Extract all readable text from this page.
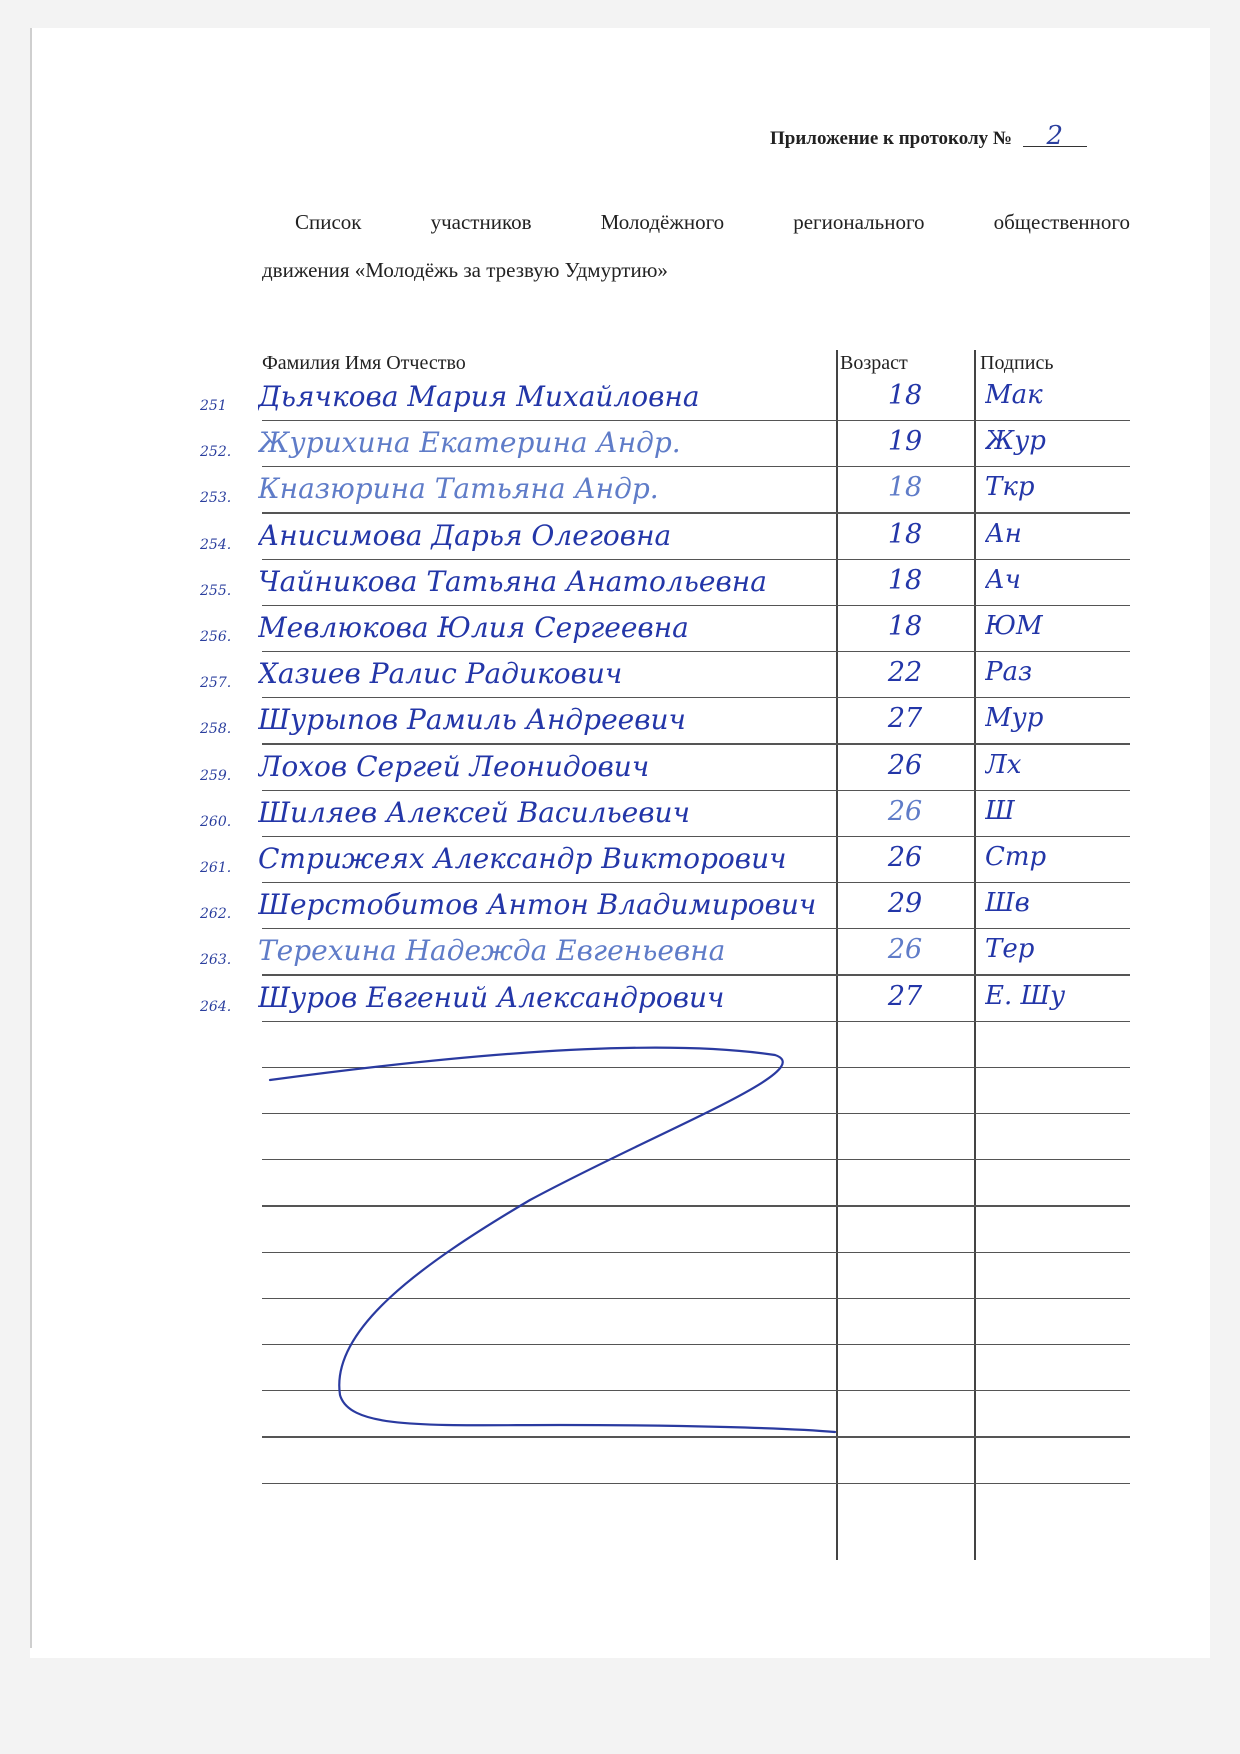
Приложение к протоколу № 2
Список участников Молодёжного регионального общественного
движения «Молодёжь за трезвую Удмуртию»
Фамилия Имя Отчество	Возраст	Подпись
251 Дьячкова Мария Михайловна	18	Мак
252. Журихина Екатерина Андр.	19	Жур
253. Кназюрина Татьяна Андр.	18	Ткр
254. Анисимова Дарья Олеговна	18	Ан
255. Чайникова Татьяна Анатольевна	18	Ач
256. Мевлюкова Юлия Сергеевна	18	ЮМ
257. Хазиев Ралис Радикович	22	Раз
258. Шурыпов Рамиль Андреевич	27	Мур
259. Лохов Сергей Леонидович	26	Лх
260. Шиляев Алексей Васильевич	26	Ш
261. Стрижеях Александр Викторович	26	Стр
262. Шерстобитов Антон Владимирович	29	Шв
263. Терехина Надежда Евгеньевна	26	Тер
264. Шуров Евгений Александрович	27	Е. Шу
